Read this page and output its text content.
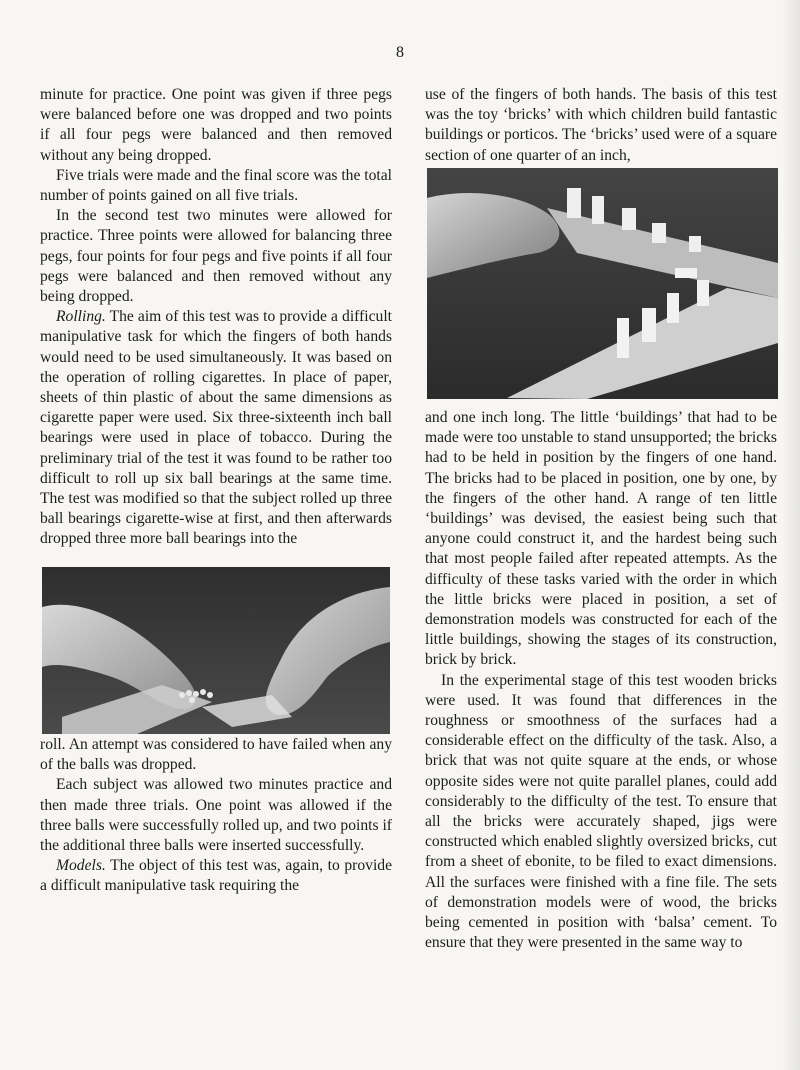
8

minute for practice. One point was given if three pegs were balanced before one was dropped and two points if all four pegs were balanced and then removed without any being dropped.

Five trials were made and the final score was the total number of points gained on all five trials.

In the second test two minutes were allowed for practice. Three points were allowed for balancing three pegs, four points for four pegs and five points if all four pegs were balanced and then removed without any being dropped.

Rolling. The aim of this test was to provide a difficult manipulative task for which the fingers of both hands would need to be used simultaneously. It was based on the operation of rolling cigarettes. In place of paper, sheets of thin plastic of about the same dimensions as cigarette paper were used. Six three-sixteenth inch ball bearings were used in place of tobacco. During the preliminary trial of the test it was found to be rather too difficult to roll up six ball bearings at the same time. The test was modified so that the subject rolled up three ball bearings cigarette-wise at first, and then afterwards dropped three more ball bearings into the

roll. An attempt was considered to have failed when any of the balls was dropped.

Each subject was allowed two minutes practice and then made three trials. One point was allowed if the three balls were successfully rolled up, and two points if the additional three balls were inserted successfully.

Models. The object of this test was, again, to provide a difficult manipulative task requiring the

use of the fingers of both hands. The basis of this test was the toy ‘bricks’ with which children build fantastic buildings or porticos. The ‘bricks’ used were of a square section of one quarter of an inch,

and one inch long. The little ‘buildings’ that had to be made were too unstable to stand unsupported; the bricks had to be held in position by the fingers of one hand. The bricks had to be placed in position, one by one, by the fingers of the other hand. A range of ten little ‘buildings’ was devised, the easiest being such that anyone could construct it, and the hardest being such that most people failed after repeated attempts. As the difficulty of these tasks varied with the order in which the little bricks were placed in position, a set of demonstration models was constructed for each of the little buildings, showing the stages of its construction, brick by brick.

In the experimental stage of this test wooden bricks were used. It was found that differences in the roughness or smoothness of the surfaces had a considerable effect on the difficulty of the task. Also, a brick that was not quite square at the ends, or whose opposite sides were not quite parallel planes, could add considerably to the difficulty of the test. To ensure that all the bricks were accurately shaped, jigs were constructed which enabled slightly oversized bricks, cut from a sheet of ebonite, to be filed to exact dimensions. All the surfaces were finished with a fine file. The sets of demonstration models were of wood, the bricks being cemented in position with ‘balsa’ cement. To ensure that they were presented in the same way to
